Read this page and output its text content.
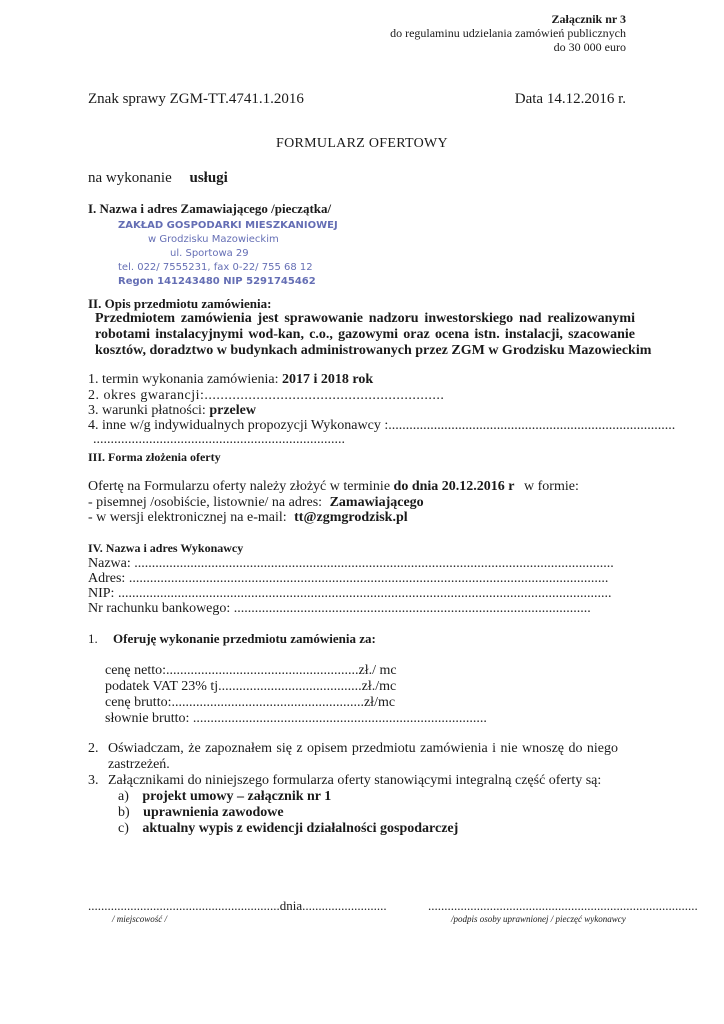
Załącznik nr 3
do regulaminu udzielania zamówień publicznych
do 30 000 euro
Znak sprawy ZGM-TT.4741.1.2016	Data 14.12.2016 r.
FORMULARZ OFERTOWY
na wykonanie usługi
I. Nazwa i adres Zamawiającego /pieczątka/
ZAKŁAD GOSPODARKI MIESZKANIOWEJ
w Grodzisku Mazowieckim
ul. Sportowa 29
tel. 022/ 7555231, fax 0-22/ 755 68 12
Regon 141243480 NIP 5291745462
II. Opis przedmiotu zamówienia:
Przedmiotem zamówienia jest sprawowanie nadzoru inwestorskiego nad realizowanymi
robotami instalacyjnymi wod-kan, c.o., gazowymi oraz ocena istn. instalacji, szacowanie
kosztów, doradztwo w budynkach administrowanych przez ZGM w Grodzisku Mazowieckim
1. termin wykonania zamówienia: 2017 i 2018 rok
2. okres gwarancji:............................................................
3. warunki płatności: przelew
4. inne w/g indywidualnych propozycji Wykonawcy :..................................................................................
........................................................................
III. Forma złożenia oferty
Ofertę na Formularzu oferty należy złożyć w terminie do dnia 20.12.2016 r w formie:
- pisemnej /osobiście, listownie/ na adres: Zamawiającego
- w wersji elektronicznej na e-mail: tt@zgmgrodzisk.pl
IV. Nazwa i adres Wykonawcy
Nazwa: .........................................................................................................................................
Adres: .........................................................................................................................................
NIP: .............................................................................................................................................
Nr rachunku bankowego: ......................................................................................................
1. Oferuję wykonanie przedmiotu zamówienia za:
cenę netto:.......................................................zł./ mc
podatek VAT 23% tj.........................................zł./mc
cenę brutto:.......................................................zł/mc
słownie brutto: ....................................................................................
2. Oświadczam, że zapoznałem się z opisem przedmiotu zamówienia i nie wnoszę do niego
zastrzeżeń.
3. Załącznikami do niniejszego formularza oferty stanowiącymi integralną część oferty są:
a) projekt umowy – załącznik nr 1
b) uprawnienia zawodowe
c) aktualny wypis z ewidencji działalności gospodarczej
...........................................................dnia..........................	...................................................................................
/ miejscowość /	/podpis osoby uprawnionej / pieczęć wykonawcy
